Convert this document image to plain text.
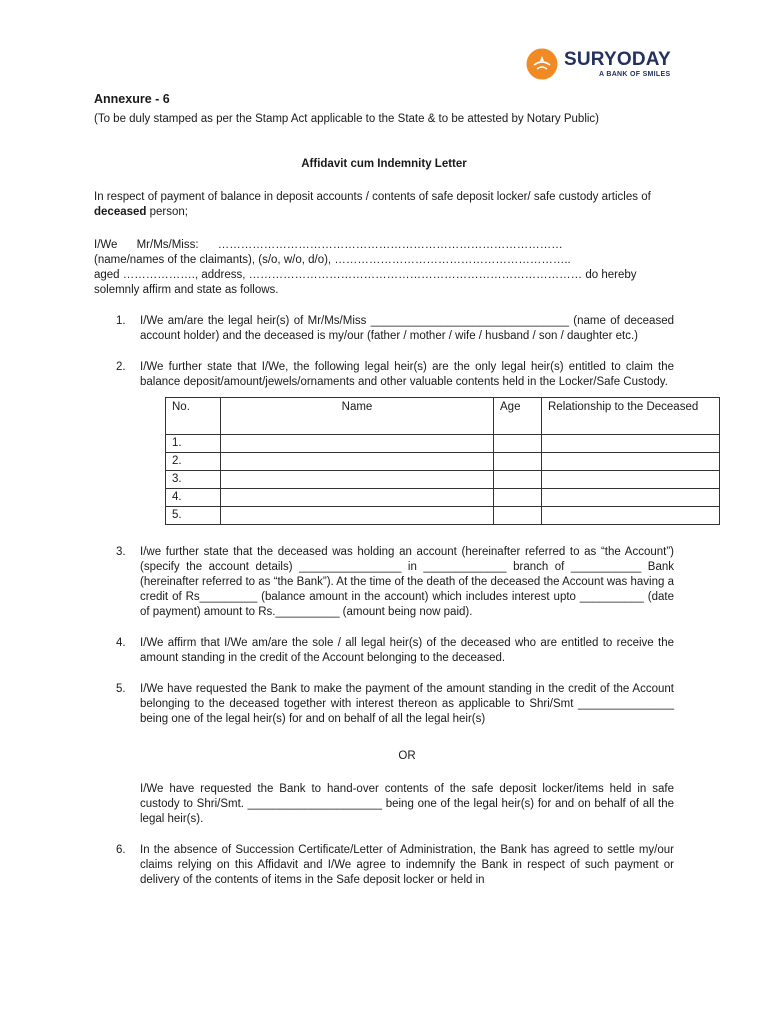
SURYODAY
A BANK OF SMILES
Annexure - 6
(To be duly stamped as per the Stamp Act applicable to the State & to be attested by Notary Public)
Affidavit cum Indemnity Letter
In respect of payment of balance in deposit accounts / contents of safe deposit locker/ safe custody articles of deceased person;
I/We      Mr/Ms/Miss:      ………………………………………………………………………………
(name/names of the claimants), (s/o, w/o, d/o), ……………………………………………………..
aged ………………., address, …………………………………………………………………………… do hereby solemnly affirm and state as follows.
1. I/We am/are the legal heir(s) of Mr/Ms/Miss _______________________________ (name of deceased account holder) and the deceased is my/our (father / mother / wife / husband / son / daughter etc.)
2. I/We further state that I/We, the following legal heir(s) are the only legal heir(s) entitled to claim the balance deposit/amount/jewels/ornaments and other valuable contents held in the Locker/Safe Custody.
No.	Name	Age	Relationship to the Deceased
1.			
2.			
3.			
4.			
5.			
3. I/we further state that the deceased was holding an account (hereinafter referred to as “the Account”) (specify the account details) ________________ in _____________ branch of ___________ Bank (hereinafter referred to as “the Bank”). At the time of the death of the deceased the Account was having a credit of Rs_________ (balance amount in the account) which includes interest upto __________ (date of payment) amount to Rs.__________ (amount being now paid).
4. I/We affirm that I/We am/are the sole / all legal heir(s) of the deceased who are entitled to receive the amount standing in the credit of the Account belonging to the deceased.
5. I/We have requested the Bank to make the payment of the amount standing in the credit of the Account belonging to the deceased together with interest thereon as applicable to Shri/Smt _______________ being one of the legal heir(s) for and on behalf of all the legal heir(s)
OR
I/We have requested the Bank to hand-over contents of the safe deposit locker/items held in safe custody to Shri/Smt. _____________________ being one of the legal heir(s) for and on behalf of all the legal heir(s).
6. In the absence of Succession Certificate/Letter of Administration, the Bank has agreed to settle my/our claims relying on this Affidavit and I/We agree to indemnify the Bank in respect of such payment or delivery of the contents of items in the Safe deposit locker or held in
